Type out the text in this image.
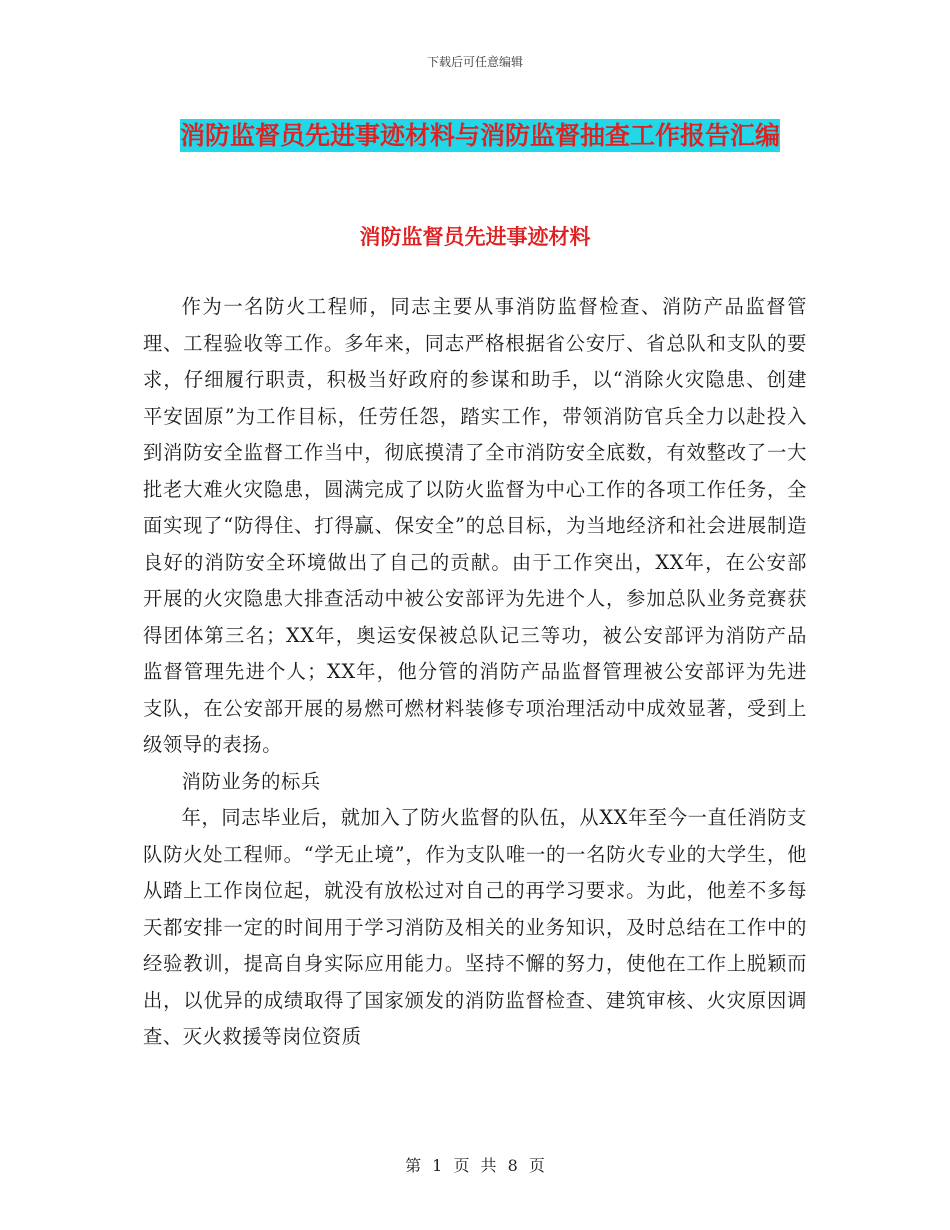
下载后可任意编辑
消防监督员先进事迹材料与消防监督抽查工作报告汇编
消防监督员先进事迹材料

作为一名防火工程师，同志主要从事消防监督检查、消防产品监督管理、工程验收等工作。多年来，同志严格根据省公安厅、省总队和支队的要求，仔细履行职责，积极当好政府的参谋和助手，以“消除火灾隐患、创建平安固原”为工作目标，任劳任怨，踏实工作，带领消防官兵全力以赴投入到消防安全监督工作当中，彻底摸清了全市消防安全底数，有效整改了一大批老大难火灾隐患，圆满完成了以防火监督为中心工作的各项工作任务，全面实现了“防得住、打得赢、保安全”的总目标，为当地经济和社会进展制造良好的消防安全环境做出了自己的贡献。由于工作突出，XX年，在公安部开展的火灾隐患大排查活动中被公安部评为先进个人，参加总队业务竞赛获得团体第三名；XX年，奥运安保被总队记三等功，被公安部评为消防产品监督管理先进个人；XX年，他分管的消防产品监督管理被公安部评为先进支队，在公安部开展的易燃可燃材料装修专项治理活动中成效显著，受到上级领导的表扬。

消防业务的标兵

年，同志毕业后，就加入了防火监督的队伍，从XX年至今一直任消防支队防火处工程师。“学无止境”，作为支队唯一的一名防火专业的大学生，他从踏上工作岗位起，就没有放松过对自己的再学习要求。为此，他差不多每天都安排一定的时间用于学习消防及相关的业务知识，及时总结在工作中的经验教训，提高自身实际应用能力。坚持不懈的努力，使他在工作上脱颖而出，以优异的成绩取得了国家颁发的消防监督检查、建筑审核、火灾原因调查、灭火救援等岗位资质

第 1 页 共 8 页
